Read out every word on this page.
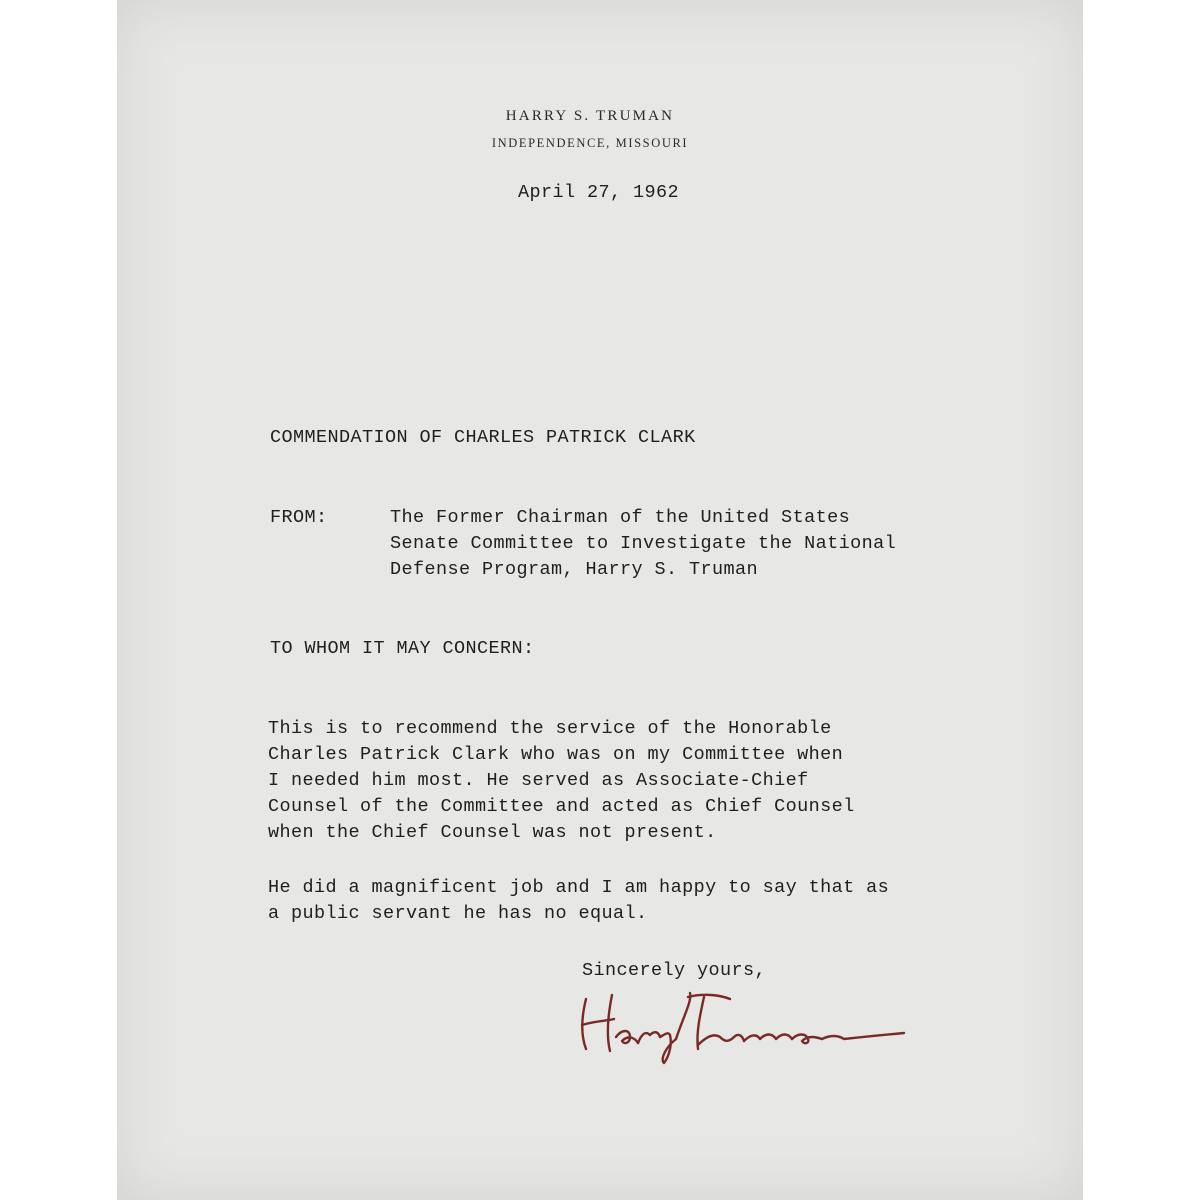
HARRY S. TRUMAN
INDEPENDENCE, MISSOURI
April 27, 1962
COMMENDATION OF CHARLES PATRICK CLARK
FROM:	The Former Chairman of the United States
Senate Committee to Investigate the National
Defense Program, Harry S. Truman
TO WHOM IT MAY CONCERN:
This is to recommend the service of the Honorable
Charles Patrick Clark who was on my Committee when
I needed him most. He served as Associate-Chief
Counsel of the Committee and acted as Chief Counsel
when the Chief Counsel was not present.
He did a magnificent job and I am happy to say that as
a public servant he has no equal.
Sincerely yours,
